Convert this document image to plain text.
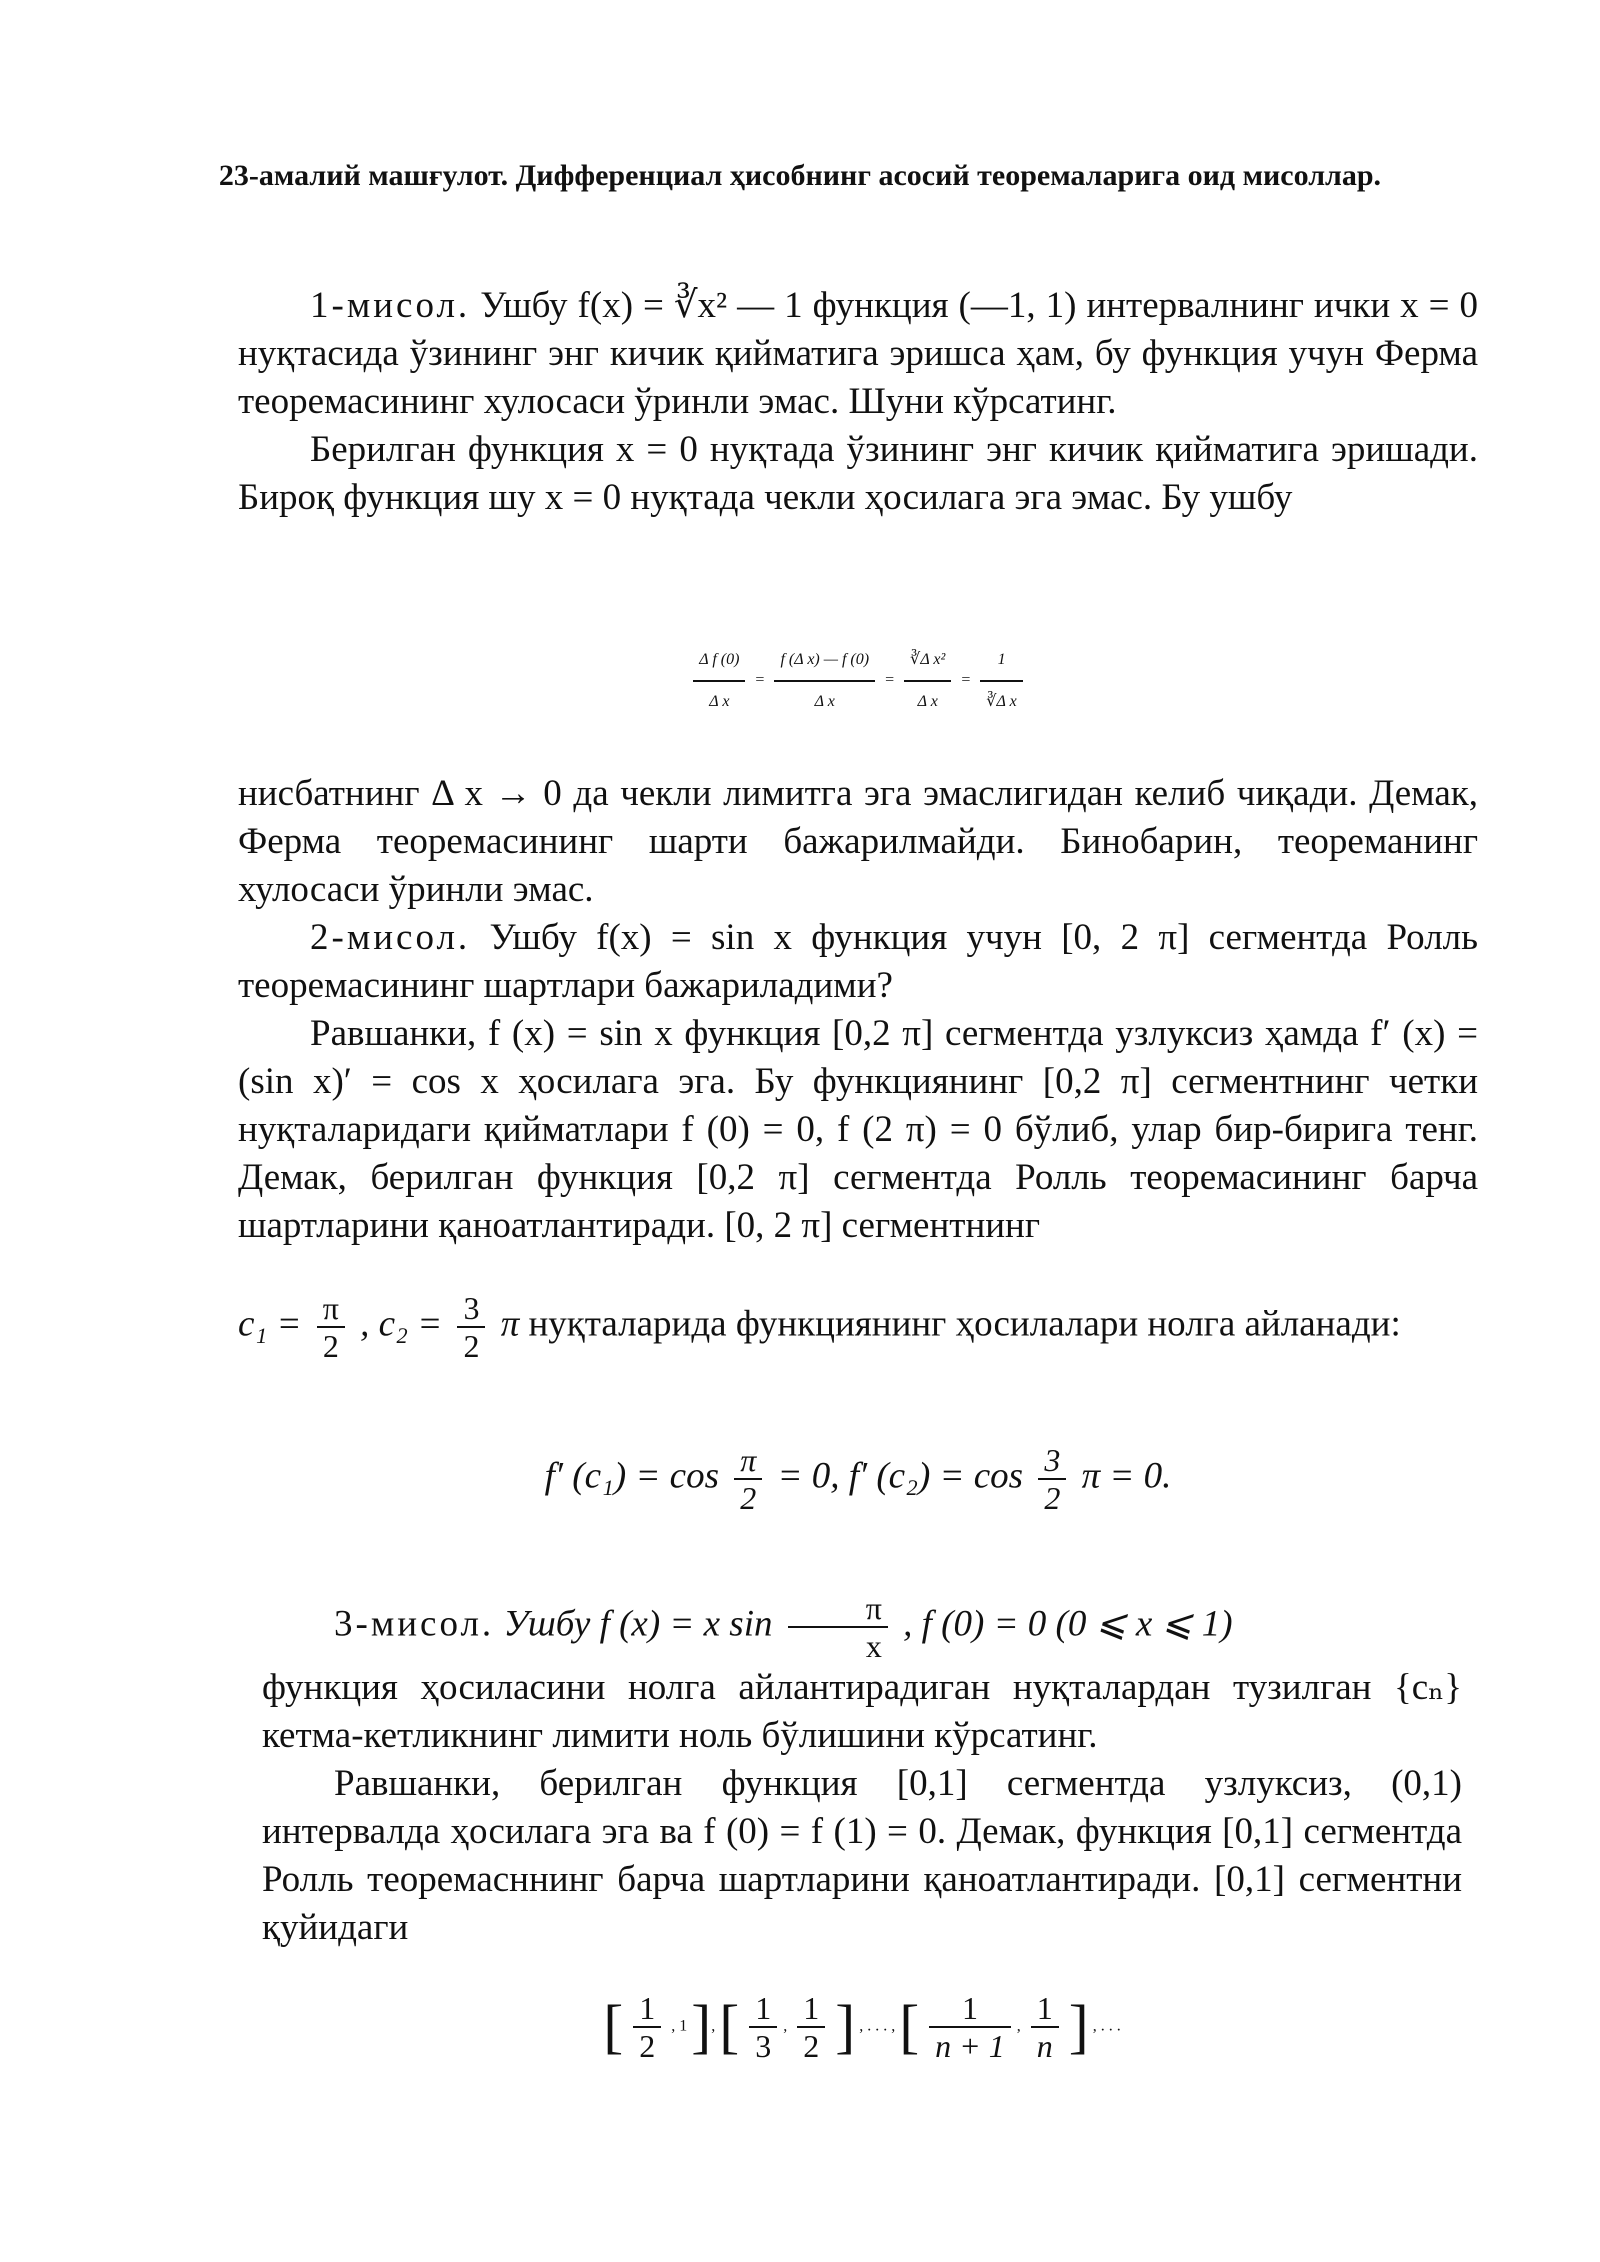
23-амалий машғулот. Дифференциал ҳисобнинг асосий теоремаларига оид мисоллар.

1-мисол. Ушбу f(x) = ∛x² — 1 функция (—1, 1) интервалнинг ички x = 0 нуқтасида ўзининг энг кичик қийматига эришса ҳам, бу функция учун Ферма теоремасининг хулосаси ўринли эмас. Шуни кўрсатинг.

Берилган функция x = 0 нуқтада ўзининг энг кичик қийматига эришади. Бироқ функция шу x = 0 нуқтада чекли ҳосилага эга эмас. Бу ушбу

$\frac{\text{Δ f (0)}}{\text{Δ x}} = \frac{\text{f (Δ x) — f (0)}}{\text{Δ x}} = \frac{\text{∛Δ x²}}{\text{Δ x}} = \frac{1}{\text{∛Δ x}}$

нисбатнинг Δ x → 0 да чекли лимитга эга эмаслигидан келиб чиқади. Демак, Ферма теоремасининг шарти бажарилмайди. Бинобарин, теореманинг хулосаси ўринли эмас.

2-мисол. Ушбу f(x) = sin x функция учун [0, 2 π] сегментда Ролль теоремасининг шартлари бажариладими?

Равшанки, f (x) = sin x функция [0,2 π] сегментда узлуксиз ҳамда f′ (x) = (sin x)′ = cos x ҳосилага эга. Бу функциянинг [0,2 π] сегментнинг четки нуқталаридаги қийматлари f (0) = 0, f (2 π) = 0 бўлиб, улар бир-бирига тенг. Демак, берилган функция [0,2 π] сегментда Ролль теоремасининг барча шартларини қаноатлантиради. [0, 2 π] сегментнинг

$c_1 = \frac{\pi}{2}$ , $c_2 = \frac{3}{2}$ π нуқталарида функциянинг ҳосилалари нолга айланади:

f′ $(c_1) = \cos \frac{\pi}{2} = 0$, f′ $(c_2) = \cos \frac{3}{2}$ π = 0.

3-мисол. Ушбу f (x) = x $\sin \frac{\pi}{x}$ , f (0) = 0 (0 ⩽ x ⩽ 1)

функция ҳосиласини нолга айлантирадиган нуқталардан тузилган {cₙ} кетма-кетликнинг лимити ноль бўлишини кўрсатинг.

Равшанки, берилган функция [0,1] сегментда узлуксиз, (0,1) интервалда ҳосилага эга ва f (0) = f (1) = 0. Демак, функция [0,1] сегментда Ролль теоремасннинг барча шартларини қаноатлантиради. [0,1] сегментни қуйидаги

[ $\frac{1}{2}$ , 1 ], [ $\frac{1}{3}$ , $\frac{1}{2}$ ] , . . . , [ $\frac{1}{n + 1}$ , $\frac{1}{n}$ ] , . . .
